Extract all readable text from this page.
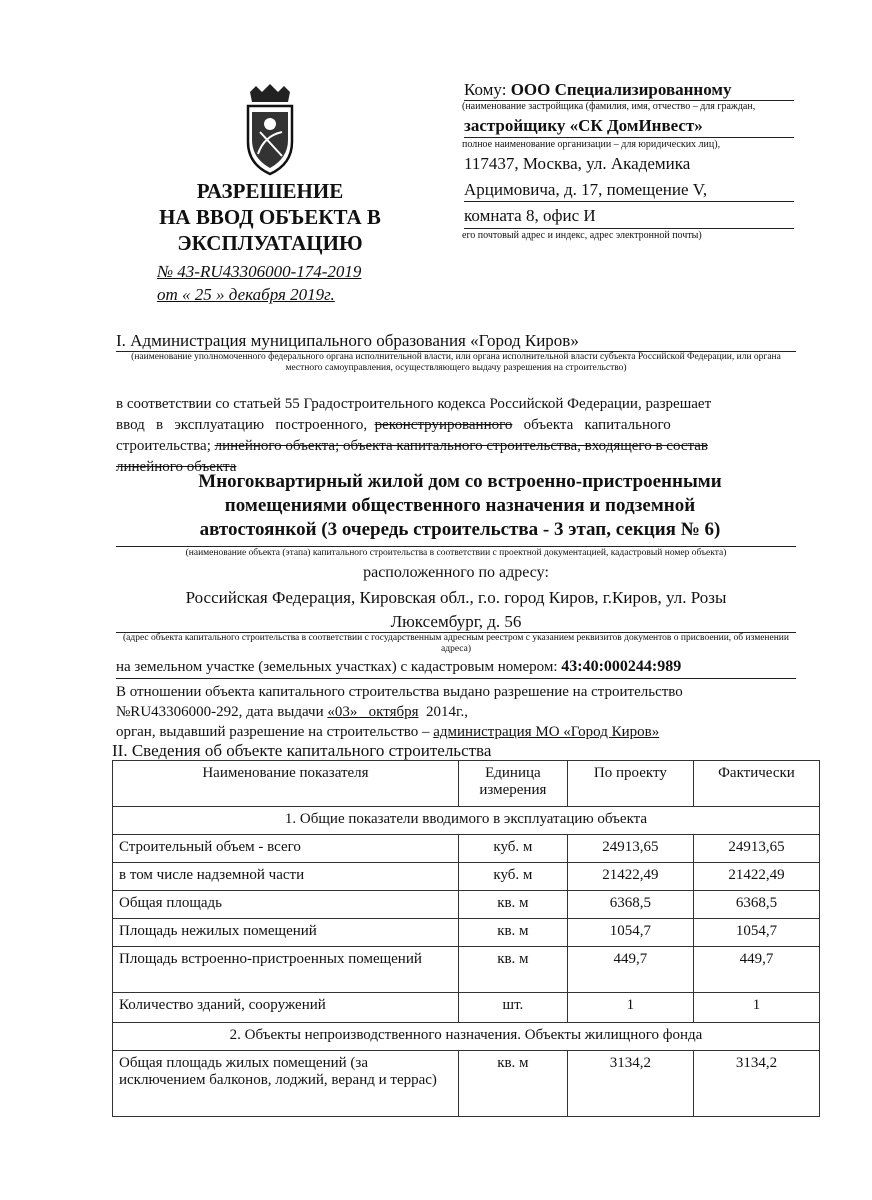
РАЗРЕШЕНИЕ
НА ВВОД ОБЪЕКТА В
ЭКСПЛУАТАЦИЮ
№ 43-RU43306000-174-2019
от « 25 » декабря 2019г.
Кому: ООО Специализированному
(наименование застройщика (фамилия, имя, отчество – для граждан,
застройщику «СК ДомИнвест»
полное наименование организации – для юридических лиц),
117437, Москва, ул. Академика
Арцимовича, д. 17, помещение V,
комната 8, офис И
его почтовый адрес и индекс, адрес электронной почты)
I. Администрация муниципального образования «Город Киров»
(наименование уполномоченного федерального органа исполнительной власти, или органа исполнительной власти субъекта Российской Федерации, или органа местного самоуправления, осуществляющего выдачу разрешения на строительство)
в соответствии со статьей 55 Градостроительного кодекса Российской Федерации, разрешает
ввод   в   эксплуатацию   построенного, реконструированного объекта   капитального
строительства; линейного объекта; объекта капитального строительства, входящего в состав
линейного объекта
Многоквартирный жилой дом со встроенно-пристроенными
помещениями общественного назначения и подземной
автостоянкой (3 очередь строительства - 3 этап, секция № 6)
(наименование объекта (этапа) капитального строительства в соответствии с проектной документацией, кадастровый номер объекта)
расположенного по адресу:
Российская Федерация, Кировская обл., г.о. город Киров, г.Киров, ул. Розы
Люксембург, д. 56
(адрес объекта капитального строительства в соответствии с государственным адресным реестром с указанием реквизитов документов о присвоении, об изменении адреса)
на земельном участке (земельных участках) с кадастровым номером: 43:40:000244:989
В отношении объекта капитального строительства выдано разрешение на строительство
№RU43306000-292, дата выдачи «03»   октября 2014г.,
орган, выдавший разрешение на строительство – администрация МО «Город Киров»
II. Сведения об объекте капитального строительства
Наименование показателя	Единица измерения	По проекту	Фактически
1. Общие показатели вводимого в эксплуатацию объекта			
Строительный объем - всего	куб. м	24913,65	24913,65
в том числе надземной части	куб. м	21422,49	21422,49
Общая площадь	кв. м	6368,5	6368,5
Площадь нежилых помещений	кв. м	1054,7	1054,7
Площадь встроенно-пристроенных помещений	кв. м	449,7	449,7
Количество зданий, сооружений	шт.	1	1
2. Объекты непроизводственного назначения. Объекты жилищного фонда			
Общая площадь жилых помещений (за исключением балконов, лоджий, веранд и террас)	кв. м	3134,2	3134,2
